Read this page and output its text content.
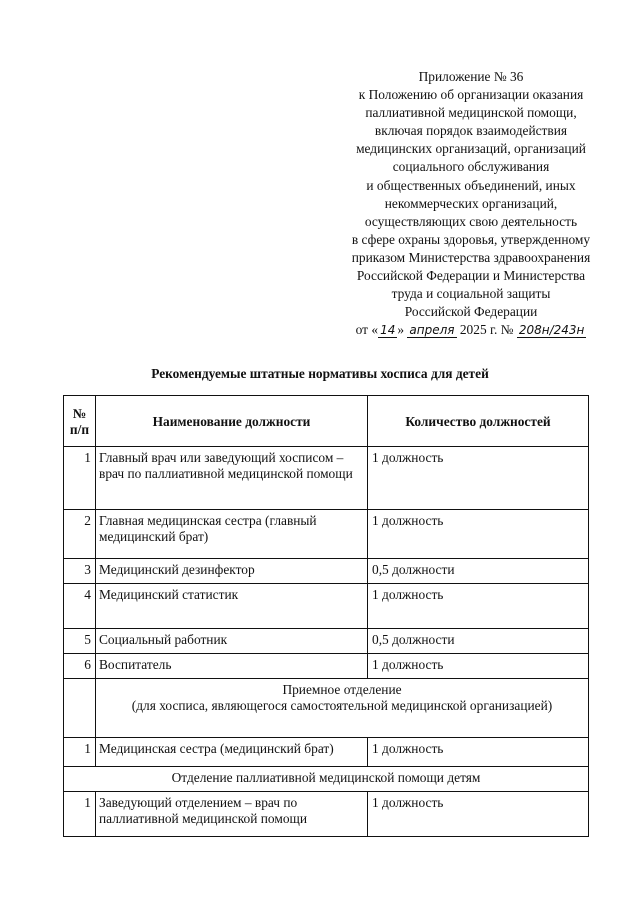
Приложение № 36
к Положению об организации оказания
паллиативной медицинской помощи,
включая порядок взаимодействия
медицинских организаций, организаций
социального обслуживания
и общественных объединений, иных
некоммерческих организаций,
осуществляющих свою деятельность
в сфере охраны здоровья, утвержденному
приказом Министерства здравоохранения
Российской Федерации и Министерства
труда и социальной защиты
Российской Федерации
от « 14 » апреля 2025 г. № 208н/243н
Рекомендуемые штатные нормативы хосписа для детей
№ п/п	Наименование должности	Количество должностей
1	Главный врач или заведующий хосписом – врач по паллиативной медицинской помощи	1 должность
2	Главная медицинская сестра (главный медицинский брат)	1 должность
3	Медицинский дезинфектор	0,5 должности
4	Медицинский статистик	1 должность
5	Социальный работник	0,5 должности
6	Воспитатель	1 должность

	Приемное отделение
(для хосписа, являющегося самостоятельной медицинской организацией)	

1	Медицинская сестра (медицинский брат)	1 должность
Отделение паллиативной медицинской помощи детям		
1	Заведующий отделением – врач по паллиативной медицинской помощи	1 должность
